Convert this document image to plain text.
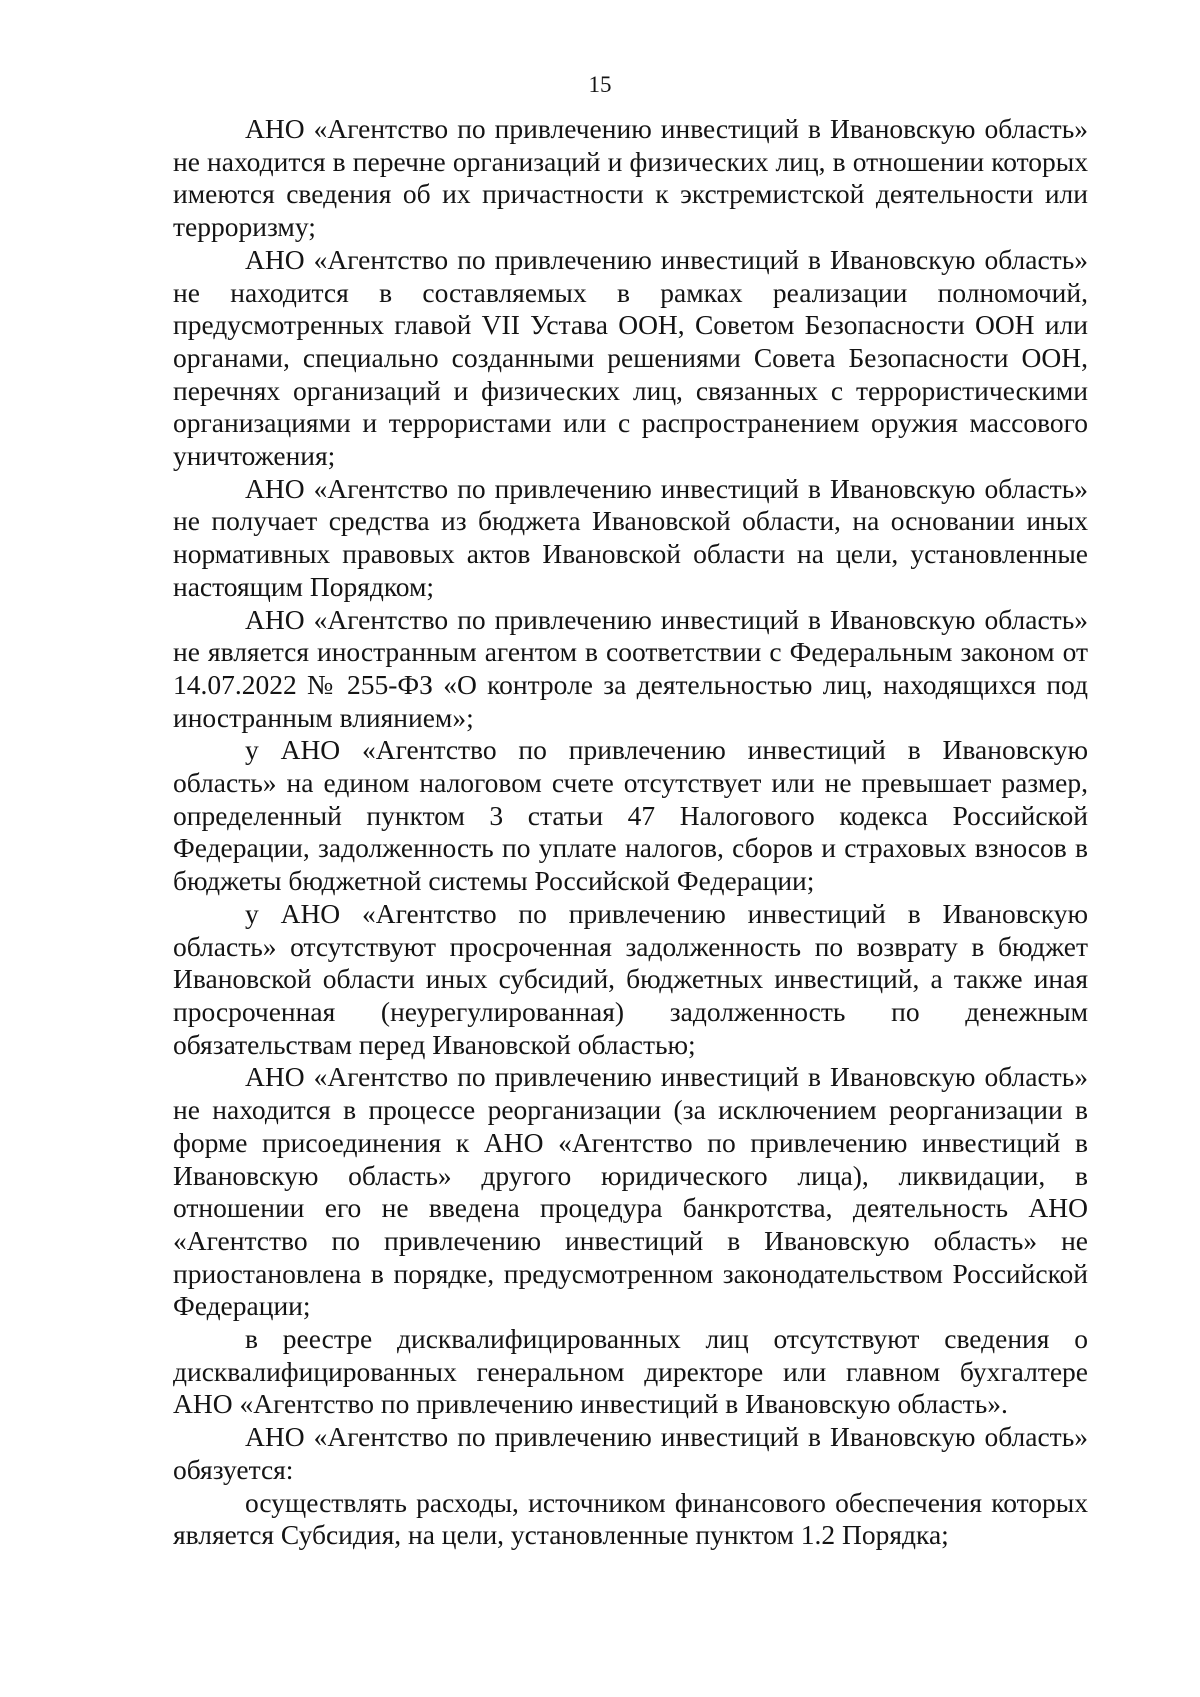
15

АНО «Агентство по привлечению инвестиций в Ивановскую область» не находится в перечне организаций и физических лиц, в отношении которых имеются сведения об их причастности к экстремистской деятельности или терроризму;

АНО «Агентство по привлечению инвестиций в Ивановскую область» не находится в составляемых в рамках реализации полномочий, предусмотренных главой VII Устава ООН, Советом Безопасности ООН или органами, специально созданными решениями Совета Безопасности ООН, перечнях организаций и физических лиц, связанных с террористическими организациями и террористами или с распространением оружия массового уничтожения;

АНО «Агентство по привлечению инвестиций в Ивановскую область» не получает средства из бюджета Ивановской области, на основании иных нормативных правовых актов Ивановской области на цели, установленные настоящим Порядком;

АНО «Агентство по привлечению инвестиций в Ивановскую область» не является иностранным агентом в соответствии с Федеральным законом от 14.07.2022 № 255-ФЗ «О контроле за деятельностью лиц, находящихся под иностранным влиянием»;

у АНО «Агентство по привлечению инвестиций в Ивановскую область» на едином налоговом счете отсутствует или не превышает размер, определенный пунктом 3 статьи 47 Налогового кодекса Российской Федерации, задолженность по уплате налогов, сборов и страховых взносов в бюджеты бюджетной системы Российской Федерации;

у АНО «Агентство по привлечению инвестиций в Ивановскую область» отсутствуют просроченная задолженность по возврату в бюджет Ивановской области иных субсидий, бюджетных инвестиций, а также иная просроченная (неурегулированная) задолженность по денежным обязательствам перед Ивановской областью;

АНО «Агентство по привлечению инвестиций в Ивановскую область» не находится в процессе реорганизации (за исключением реорганизации в форме присоединения к АНО «Агентство по привлечению инвестиций в Ивановскую область» другого юридического лица), ликвидации, в отношении его не введена процедура банкротства, деятельность АНО «Агентство по привлечению инвестиций в Ивановскую область» не приостановлена в порядке, предусмотренном законодательством Российской Федерации;

в реестре дисквалифицированных лиц отсутствуют сведения о дисквалифицированных генеральном директоре или главном бухгалтере АНО «Агентство по привлечению инвестиций в Ивановскую область».

АНО «Агентство по привлечению инвестиций в Ивановскую область» обязуется:

осуществлять расходы, источником финансового обеспечения которых является Субсидия, на цели, установленные пунктом 1.2 Порядка;
